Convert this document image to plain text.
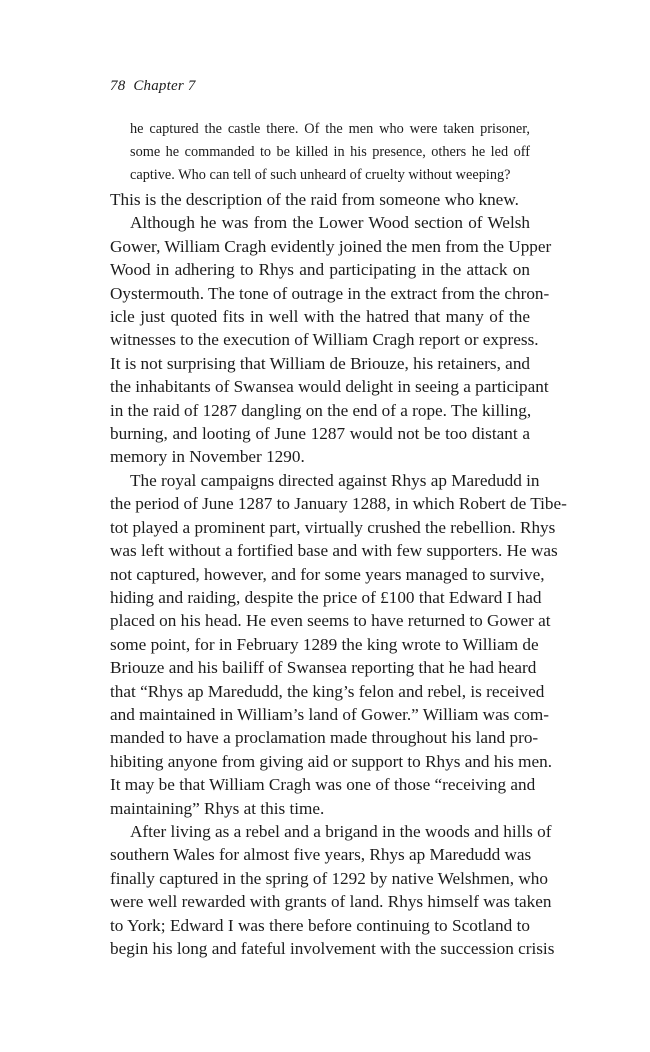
78 Chapter 7
he captured the castle there. Of the men who were taken prisoner,
some he commanded to be killed in his presence, others he led off
captive. Who can tell of such unheard of cruelty without weeping?
This is the description of the raid from someone who knew.
Although he was from the Lower Wood section of Welsh
Gower, William Cragh evidently joined the men from the Upper
Wood in adhering to Rhys and participating in the attack on
Oystermouth. The tone of outrage in the extract from the chron-
icle just quoted fits in well with the hatred that many of the
witnesses to the execution of William Cragh report or express.
It is not surprising that William de Briouze, his retainers, and
the inhabitants of Swansea would delight in seeing a participant
in the raid of 1287 dangling on the end of a rope. The killing,
burning, and looting of June 1287 would not be too distant a
memory in November 1290.
The royal campaigns directed against Rhys ap Maredudd in
the period of June 1287 to January 1288, in which Robert de Tibe-
tot played a prominent part, virtually crushed the rebellion. Rhys
was left without a fortified base and with few supporters. He was
not captured, however, and for some years managed to survive,
hiding and raiding, despite the price of £100 that Edward I had
placed on his head. He even seems to have returned to Gower at
some point, for in February 1289 the king wrote to William de
Briouze and his bailiff of Swansea reporting that he had heard
that “Rhys ap Maredudd, the king’s felon and rebel, is received
and maintained in William’s land of Gower.” William was com-
manded to have a proclamation made throughout his land pro-
hibiting anyone from giving aid or support to Rhys and his men.
It may be that William Cragh was one of those “receiving and
maintaining” Rhys at this time.
After living as a rebel and a brigand in the woods and hills of
southern Wales for almost five years, Rhys ap Maredudd was
finally captured in the spring of 1292 by native Welshmen, who
were well rewarded with grants of land. Rhys himself was taken
to York; Edward I was there before continuing to Scotland to
begin his long and fateful involvement with the succession crisis
